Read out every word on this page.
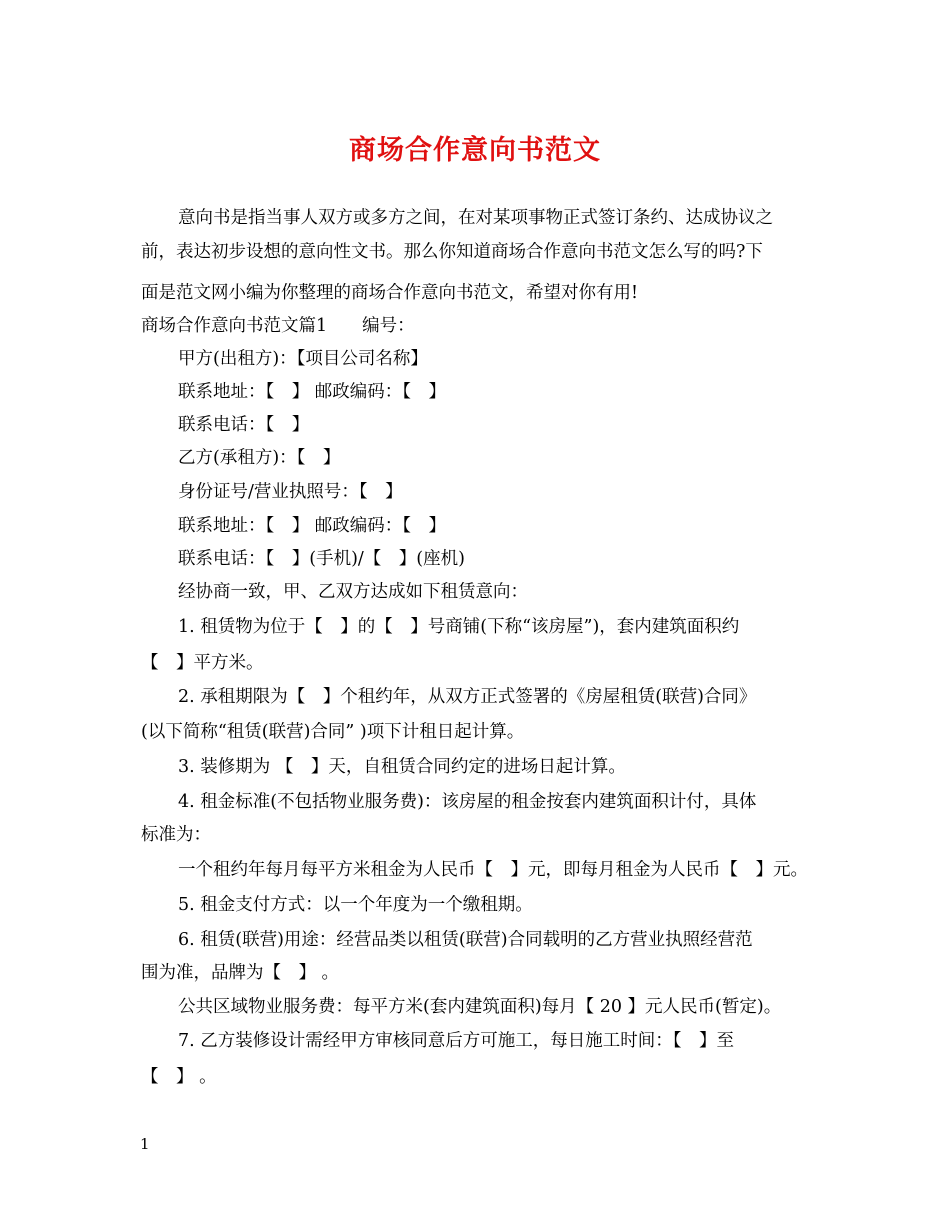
商场合作意向书范文
意向书是指当事人双方或多方之间，在对某项事物正式签订条约、达成协议之
前，表达初步设想的意向性文书。那么你知道商场合作意向书范文怎么写的吗?下
面是范文网小编为你整理的商场合作意向书范文，希望对你有用!
商场合作意向书范文篇1　　编号：
甲方(出租方)：【项目公司名称】
联系地址：【　】 邮政编码：【　】
联系电话：【　】
乙方(承租方)：【　】
身份证号/营业执照号：【　】
联系地址：【　】 邮政编码：【　】
联系电话：【　】(手机)/【　】(座机)
经协商一致，甲、乙双方达成如下租赁意向：
1. 租赁物为位于【　】的【　】号商铺(下称“该房屋”)，套内建筑面积约
【　】平方米。
2. 承租期限为【　】个租约年，从双方正式签署的《房屋租赁(联营)合同》
(以下简称“租赁(联营)合同” )项下计租日起计算。
3. 装修期为 【　】天，自租赁合同约定的进场日起计算。
4. 租金标准(不包括物业服务费)：该房屋的租金按套内建筑面积计付，具体
标准为：
一个租约年每月每平方米租金为人民币【　】元，即每月租金为人民币【　】元。
5. 租金支付方式：以一个年度为一个缴租期。
6. 租赁(联营)用途：经营品类以租赁(联营)合同载明的乙方营业执照经营范
围为准，品牌为【　】 。
公共区域物业服务费：每平方米(套内建筑面积)每月【 20 】元人民币(暂定)。
7. 乙方装修设计需经甲方审核同意后方可施工，每日施工时间：【　】至
【　】 。
1
